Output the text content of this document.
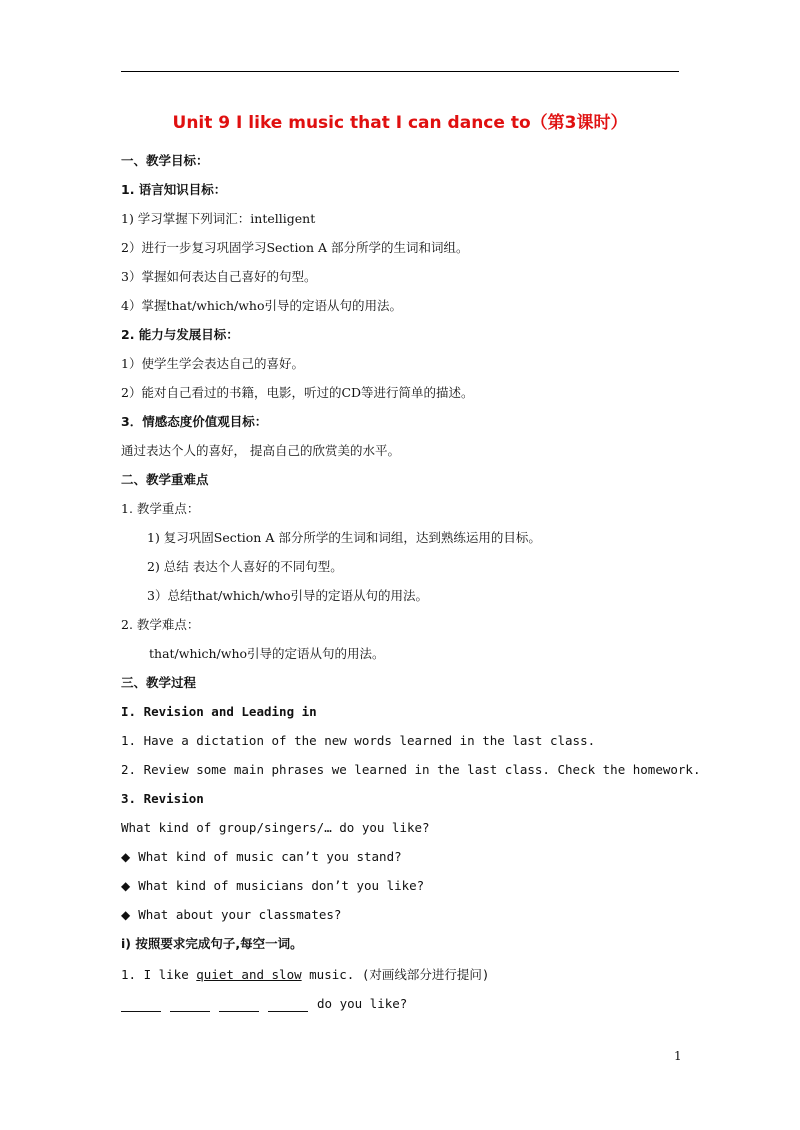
Unit 9 I like music that I can dance to（第3课时）
一、教学目标：
1. 语言知识目标：
1) 学习掌握下列词汇：intelligent
2）进行一步复习巩固学习Section A 部分所学的生词和词组。
3）掌握如何表达自己喜好的句型。
4）掌握that/which/who引导的定语从句的用法。
2. 能力与发展目标：
1）使学生学会表达自己的喜好。
2）能对自己看过的书籍，电影，听过的CD等进行简单的描述。
3．情感态度价值观目标：
通过表达个人的喜好， 提高自己的欣赏美的水平。
二、教学重难点
1. 教学重点：
1) 复习巩固Section A 部分所学的生词和词组，达到熟练运用的目标。
2) 总结 表达个人喜好的不同句型。
3）总结that/which/who引导的定语从句的用法。
2. 教学难点：
that/which/who引导的定语从句的用法。
三、教学过程
I. Revision and Leading in
1. Have a dictation of the new words learned in the last class.
2. Review some main phrases we learned in the last class. Check the homework.
3. Revision
What kind of group/singers/… do you like?
◆ What kind of music can’t you stand?
◆ What kind of musicians don’t you like?
◆ What about your classmates?
i) 按照要求完成句子,每空一词。
1. I like quiet and slow music. (对画线部分进行提问)
do you like?
1
